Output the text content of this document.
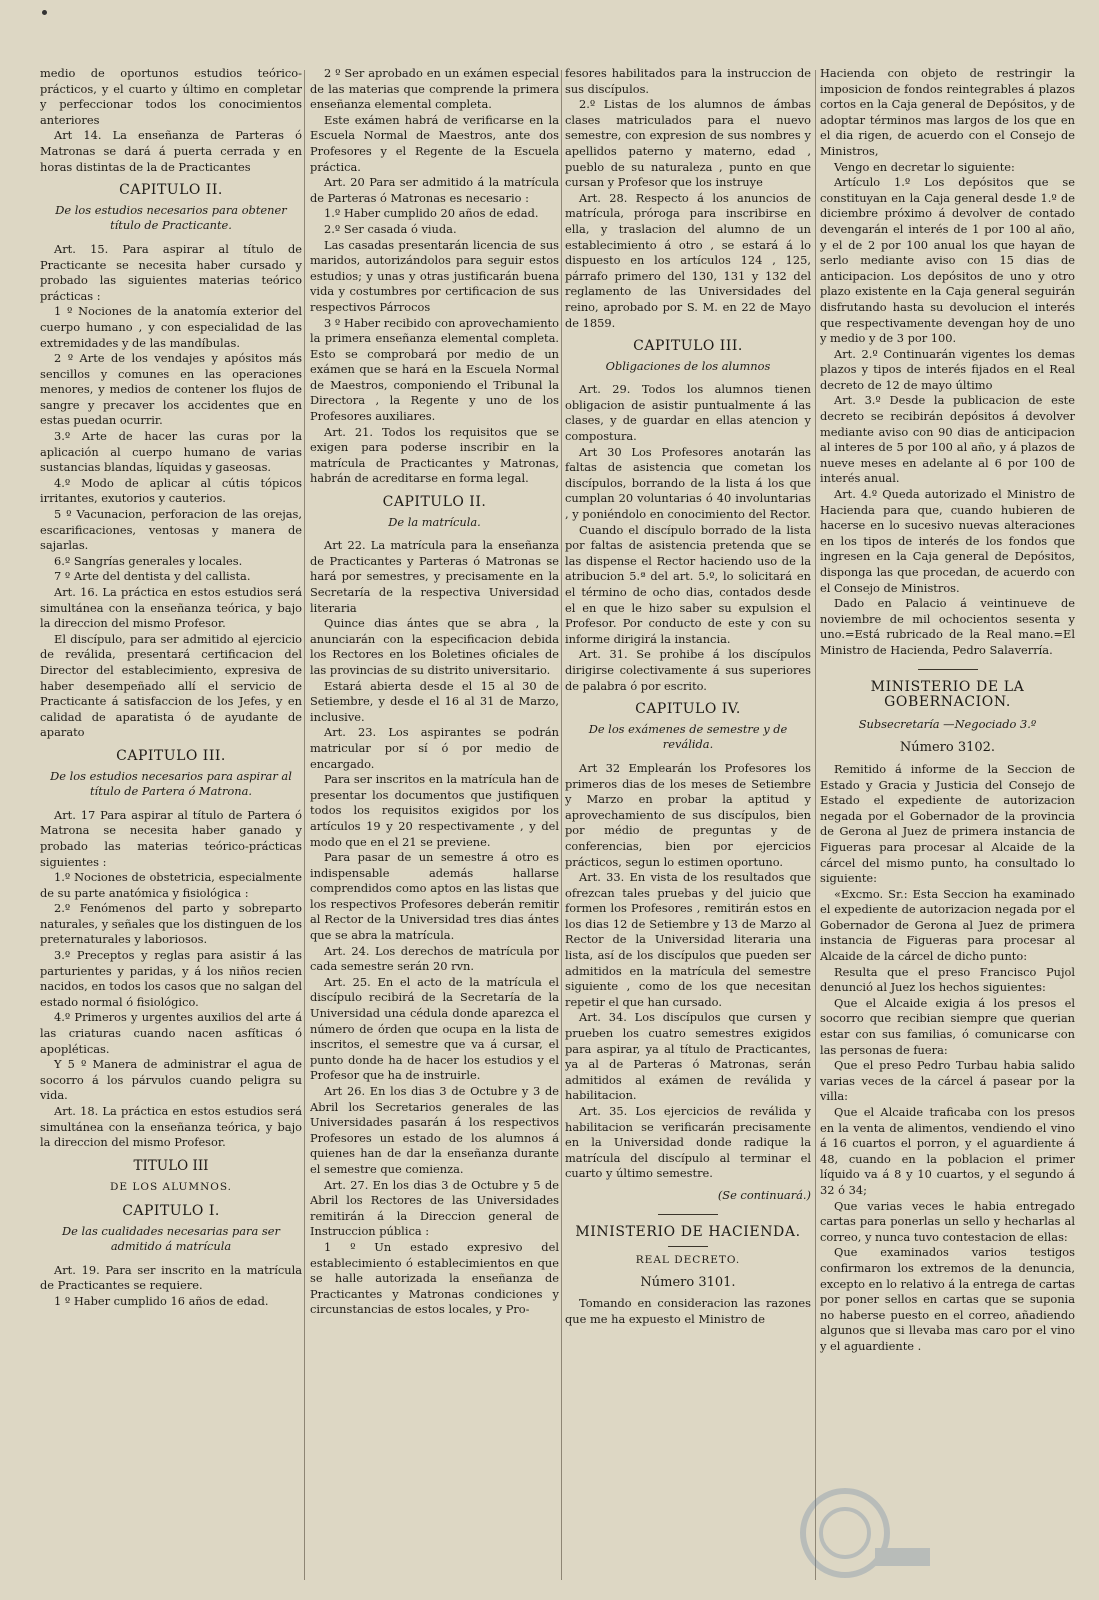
medio de oportunos estudios teórico-prácticos, y el cuarto y último en completar y perfeccionar todos los conocimientos anteriores

Art 14. La enseñanza de Parteras ó Matronas se dará á puerta cerrada y en horas distintas de la de Practicantes

CAPITULO II.
De los estudios necesarios para obtener título de Practicante.

Art. 15. Para aspirar al título de Practicante se necesita haber cursado y probado las siguientes materias teórico prácticas :

1 º Nociones de la anatomía exterior del cuerpo humano , y con especialidad de las extremidades y de las mandíbulas.

2 º Arte de los vendajes y apósitos más sencillos y comunes en las operaciones menores, y medios de contener los flujos de sangre y precaver los accidentes que en estas puedan ocurrir.

3.º Arte de hacer las curas por la aplicación al cuerpo humano de varias sustancias blandas, líquidas y gaseosas.

4.º Modo de aplicar al cútis tópicos irritantes, exutorios y cauterios.

5 º Vacunacion, perforacion de las orejas, escarificaciones, ventosas y manera de sajarlas.

6.º Sangrías generales y locales.

7 º Arte del dentista y del callista.

Art. 16. La práctica en estos estudios será simultánea con la enseñanza teórica, y bajo la direccion del mismo Profesor.

El discípulo, para ser admitido al ejercicio de reválida, presentará certificacion del Director del establecimiento, expresiva de haber desempeñado allí el servicio de Practicante á satisfaccion de los Jefes, y en calidad de aparatista ó de ayudante de aparato

CAPITULO III.
De los estudios necesarios para aspirar al título de Partera ó Matrona.

Art. 17 Para aspirar al título de Partera ó Matrona se necesita haber ganado y probado las materias teórico-prácticas siguientes :

1.º Nociones de obstetricia, especialmente de su parte anatómica y fisiológica :

2.º Fenómenos del parto y sobreparto naturales, y señales que los distinguen de los preternaturales y laboriosos.

3.º Preceptos y reglas para asistir á las parturientes y paridas, y á los niños recien nacidos, en todos los casos que no salgan del estado normal ó fisiológico.

4.º Primeros y urgentes auxilios del arte á las criaturas cuando nacen asfíticas ó apopléticas.

Y 5 º Manera de administrar el agua de socorro á los párvulos cuando peligra su vida.

Art. 18. La práctica en estos estudios será simultánea con la enseñanza teórica, y bajo la direccion del mismo Profesor.

TITULO III
DE LOS ALUMNOS.
CAPITULO I.
De las cualidades necesarias para ser admitido á matrícula

Art. 19. Para ser inscrito en la matrícula de Practicantes se requiere.

1 º Haber cumplido 16 años de edad.

2 º Ser aprobado en un exámen especial de las materias que comprende la primera enseñanza elemental completa.

Este exámen habrá de verificarse en la Escuela Normal de Maestros, ante dos Profesores y el Regente de la Escuela práctica.

Art. 20 Para ser admitido á la matrícula de Parteras ó Matronas es necesario :

1.º Haber cumplido 20 años de edad.

2.º Ser casada ó viuda.

Las casadas presentarán licencia de sus maridos, autorizándolos para seguir estos estudios; y unas y otras justificarán buena vida y costumbres por certificacion de sus respectivos Párrocos

3 º Haber recibido con aprovechamiento la primera enseñanza elemental completa. Esto se comprobará por medio de un exámen que se hará en la Escuela Normal de Maestros, componiendo el Tribunal la Directora , la Regente y uno de los Profesores auxiliares.

Art. 21. Todos los requisitos que se exigen para poderse inscribir en la matrícula de Practicantes y Matronas, habrán de acreditarse en forma legal.

CAPITULO II.
De la matrícula.

Art 22. La matrícula para la enseñanza de Practicantes y Parteras ó Matronas se hará por semestres, y precisamente en la Secretaría de la respectiva Universidad literaria

Quince dias ántes que se abra , la anunciarán con la especificacion debida los Rectores en los Boletines oficiales de las provincias de su distrito universitario.

Estará abierta desde el 15 al 30 de Setiembre, y desde el 16 al 31 de Marzo, inclusive.

Art. 23. Los aspirantes se podrán matricular por sí ó por medio de encargado.

Para ser inscritos en la matrícula han de presentar los documentos que justifiquen todos los requisitos exigidos por los artículos 19 y 20 respectivamente , y del modo que en el 21 se previene.

Para pasar de un semestre á otro es indispensable además hallarse comprendidos como aptos en las listas que los respectivos Profesores deberán remitir al Rector de la Universidad tres dias ántes que se abra la matrícula.

Art. 24. Los derechos de matrícula por cada semestre serán 20 rvn.

Art. 25. En el acto de la matrícula el discípulo recibirá de la Secretaría de la Universidad una cédula donde aparezca el número de órden que ocupa en la lista de inscritos, el semestre que va á cursar, el punto donde ha de hacer los estudios y el Profesor que ha de instruirle.

Art 26. En los dias 3 de Octubre y 3 de Abril los Secretarios generales de las Universidades pasarán á los respectivos Profesores un estado de los alumnos á quienes han de dar la enseñanza durante el semestre que comienza.

Art. 27. En los dias 3 de Octubre y 5 de Abril los Rectores de las Universidades remitirán á la Direccion general de Instruccion pública :

1 º Un estado expresivo del establecimiento ó establecimientos en que se halle autorizada la enseñanza de Practicantes y Matronas condiciones y circunstancias de estos locales, y Pro-

fesores habilitados para la instruccion de sus discípulos.

2.º Listas de los alumnos de ámbas clases matriculados para el nuevo semestre, con expresion de sus nombres y apellidos paterno y materno, edad , pueblo de su naturaleza , punto en que cursan y Profesor que los instruye

Art. 28. Respecto á los anuncios de matrícula, prórogа para inscribirse en ella, y traslacion del alumno de un establecimiento á otro , se estará á lo dispuesto en los artículos 124 , 125, párrafo primero del 130, 131 y 132 del reglamento de las Universidades del reino, aprobado por S. M. en 22 de Mayo de 1859.

CAPITULO III.
Obligaciones de los alumnos

Art. 29. Todos los alumnos tienen obligacion de asistir puntualmente á las clases, y de guardar en ellas atencion y compostura.

Art 30 Los Profesores anotarán las faltas de asistencia que cometan los discípulos, borrando de la lista á los que cumplan 20 voluntarias ó 40 involuntarias , y poniéndolo en conocimiento del Rector.

Cuando el discípulo borrado de la lista por faltas de asistencia pretenda que se las dispense el Rector haciendo uso de la atribucion 5.ª del art. 5.º, lo solicitará en el término de ocho dias, contados desde el en que le hizo saber su expulsion el Profesor. Por conducto de este y con su informe dirigirá la instancia.

Art. 31. Se prohibe á los discípulos dirigirse colectivamente á sus superiores de palabra ó por escrito.

CAPITULO IV.
De los exámenes de semestre y de reválida.

Art 32 Emplearán los Profesores los primeros dias de los meses de Setiembre y Marzo en probar la aptitud y aprovechamiento de sus discípulos, bien por médio de preguntas y de conferencias, bien por ejercicios prácticos, segun lo estimen oportuno.

Art. 33. En vista de los resultados que ofrezcan tales pruebas y del juicio que formen los Profesores , remitirán estos en los dias 12 de Setiembre y 13 de Marzo al Rector de la Universidad literaria una lista, así de los discípulos que pueden ser admitidos en la matrícula del semestre siguiente , como de los que necesitan repetir el que han cursado.

Art. 34. Los discípulos que cursen y prueben los cuatro semestres exigidos para aspirar, ya al título de Practicantes, ya al de Parteras ó Matronas, serán admitidos al exámen de reválida y habilitacion.

Art. 35. Los ejercicios de reválida y habilitacion se verificarán precisamente en la Universidad donde radique la matrícula del discípulo al terminar el cuarto y último semestre.

(Se continuará.)
MINISTERIO DE HACIENDA.
REAL DECRETO.
Número 3101.

Tomando en consideracion las razones que me ha expuesto el Ministro de

Hacienda con objeto de restringir la imposicion de fondos reintegrables á plazos cortos en la Caja general de Depósitos, y de adoptar términos mas largos de los que en el dia rigen, de acuerdo con el Consejo de Ministros,

Vengo en decretar lo siguiente:

Artículo 1.º Los depósitos que se constituyan en la Caja general desde 1.º de diciembre próximo á devolver de contado devengarán el interés de 1 por 100 al año, y el de 2 por 100 anual los que hayan de serlo mediante aviso con 15 dias de anticipacion. Los depósitos de uno y otro plazo existente en la Caja general seguirán disfrutando hasta su devolucion el interés que respectivamente devengan hoy de uno y medio y de 3 por 100.

Art. 2.º Continuarán vigentes los demas plazos y tipos de interés fijados en el Real decreto de 12 de mayo último

Art. 3.º Desde la publicacion de este decreto se recibirán depósitos á devolver mediante aviso con 90 dias de anticipacion al interes de 5 por 100 al año, y á plazos de nueve meses en adelante al 6 por 100 de interés anual.

Art. 4.º Queda autorizado el Ministro de Hacienda para que, cuando hubieren de hacerse en lo sucesivo nuevas alteraciones en los tipos de interés de los fondos que ingresen en la Caja general de Depósitos, disponga las que procedan, de acuerdo con el Consejo de Ministros.

Dado en Palacio á veintinueve de noviembre de mil ochocientos sesenta y uno.=Está rubricado de la Real mano.=El Ministro de Hacienda, Pedro Salaverría.

MINISTERIO DE LA GOBERNACION.
Subsecretaría —Negociado 3.º
Número 3102.

Remitido á informe de la Seccion de Estado y Gracia y Justicia del Consejo de Estado el expediente de autorizacion negada por el Gobernador de la provincia de Gerona al Juez de primera instancia de Figueras para procesar al Alcaide de la cárcel del mismo punto, ha consultado lo siguiente:

«Excmo. Sr.: Esta Seccion ha examinado el expediente de autorizacion negada por el Gobernador de Gerona al Juez de primera instancia de Figueras para procesar al Alcaide de la cárcel de dicho punto:

Resulta que el preso Francisco Pujol denunció al Juez los hechos siguientes:

Que el Alcaide exigia á los presos el socorro que recibian siempre que querian estar con sus familias, ó comunicarse con las personas de fuera:

Que el preso Pedro Turbau habia salido varias veces de la cárcel á pasear por la villa:

Que el Alcaide traficaba con los presos en la venta de alimentos, vendiendo el vino á 16 cuartos el porron, y el aguardiente á 48, cuando en la poblacion el primer líquido va á 8 y 10 cuartos, y el segundo á 32 ó 34;

Que varias veces le habia entregado cartas para ponerlas un sello y hecharlas al correo, y nunca tuvo contestacion de ellas:

Que examinados varios testigos confirmaron los extremos de la denuncia, excepto en lo relativo á la entrega de cartas por poner sellos en cartas que se suponia no haberse puesto en el correo, añadiendo algunos que si llevaba mas caro por el vino y el aguardiente .
